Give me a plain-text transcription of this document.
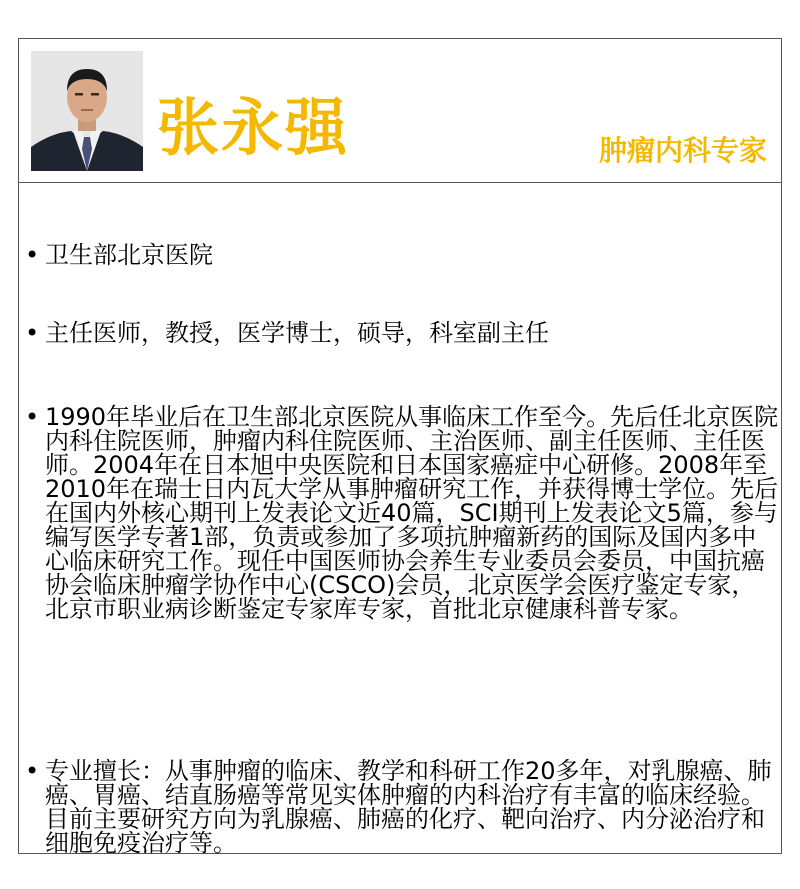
张永强	肿瘤内科专家
• 卫生部北京医院

• 主任医师，教授，医学博士，硕导，科室副主任

• 1990年毕业后在卫生部北京医院从事临床工作至今。先后任北京医院内科住院医师，肿瘤内科住院医师、主治医师、副主任医师、主任医师。2004年在日本旭中央医院和日本国家癌症中心研修。2008年至2010年在瑞士日内瓦大学从事肿瘤研究工作，并获得博士学位。先后在国内外核心期刊上发表论文近40篇，SCI期刊上发表论文5篇，参与编写医学专著1部，负责或参加了多项抗肿瘤新药的国际及国内多中心临床研究工作。现任中国医师协会养生专业委员会委员，中国抗癌协会临床肿瘤学协作中心(CSCO)会员，北京医学会医疗鉴定专家，北京市职业病诊断鉴定专家库专家，首批北京健康科普专家。

• 专业擅长：从事肿瘤的临床、教学和科研工作20多年，对乳腺癌、肺癌、胃癌、结直肠癌等常见实体肿瘤的内科治疗有丰富的临床经验。目前主要研究方向为乳腺癌、肺癌的化疗、靶向治疗、内分泌治疗和细胞免疫治疗等。
